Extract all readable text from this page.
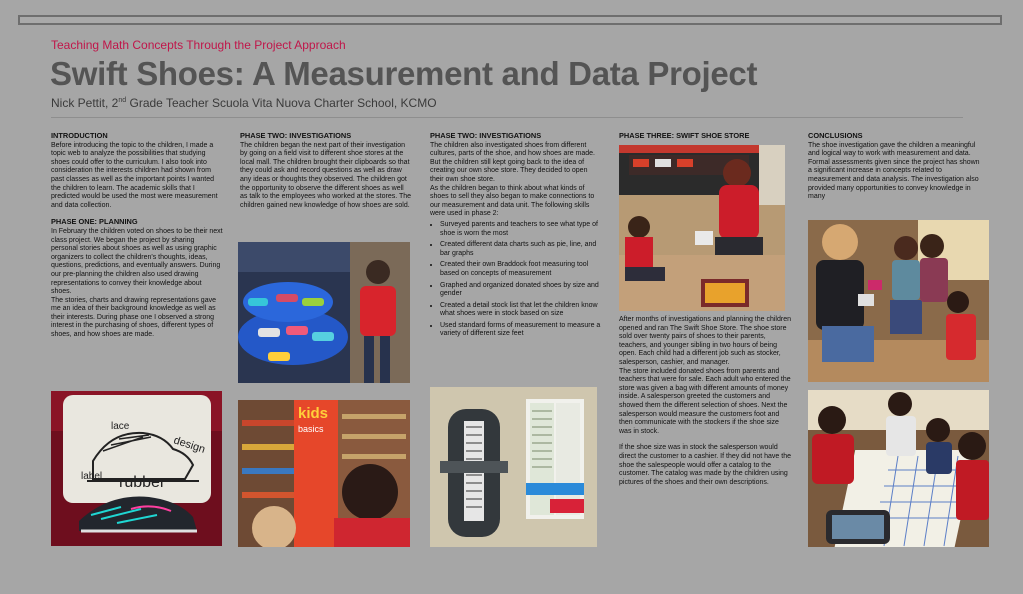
Teaching Math Concepts Through the Project Approach
Swift Shoes: A Measurement and Data Project
Nick Pettit, 2nd Grade Teacher Scuola Vita Nuova Charter School, KCMO
INTRODUCTION

Before introducing the topic to the children, I made a topic web to analyze the possibilities that studying shoes could offer to the curriculum. I also took into consideration the interests children had shown from past classes as well as the important points I wanted the children to learn. The academic skills that I predicted would be used the most were measurement and data collection.

PHASE ONE: PLANNING

In February the children voted on shoes to be their next class project. We began the project by sharing personal stories about shoes as well as using graphic organizers to collect the children's thoughts, ideas, questions, predictions, and eventually answers. During our pre-planning the children also used drawing representations to convey their knowledge about shoes.

The stories, charts and drawing representations gave me an idea of their background knowledge as well as their interests. During phase one I observed a strong interest in the purchasing of shoes, different types of shoes, and how shoes are made.

lace
design
label rubber
PHASE TWO: INVESTIGATIONS

The children began the next part of their investigation by going on a field visit to different shoe stores at the local mall. The children brought their clipboards so that they could ask and record questions as well as draw any ideas or thoughts they observed. The children got the opportunity to observe the different shoes as well as talk to the employees who worked at the stores. The children gained new knowledge of how shoes are sold.

kids
basics
PHASE TWO: INVESTIGATIONS

The children also investigated shoes from different cultures, parts of the shoe, and how shoes are made. But the children still kept going back to the idea of creating our own shoe store. They decided to open their own shoe store.

As the children began to think about what kinds of shoes to sell they also began to make connections to our measurement and data unit. The following skills were used in phase 2:

• Surveyed parents and teachers to see what type of shoe is worn the most
• Created different data charts such as pie, line, and bar graphs
• Created their own Braddock foot measuring tool based on concepts of measurement
• Graphed and organized donated shoes by size and gender
• Created a detail stock list that let the children know what shoes were in stock based on size
• Used standard forms of measurement to measure a variety of different size feet
PHASE THREE: SWIFT SHOE STORE

After months of investigations and planning the children opened and ran The Swift Shoe Store. The shoe store sold over twenty pairs of shoes to their parents, teachers, and younger sibling in two hours of being open. Each child had a different job such as stocker, salesperson, cashier, and manager.

The store included donated shoes from parents and teachers that were for sale. Each adult who entered the store was given a bag with different amounts of money inside. A salesperson greeted the customers and showed them the different selection of shoes. Next the salesperson would measure the customers foot and then communicate with the stockers if the shoe size was in stock.

If the shoe size was in stock the salesperson would direct the customer to a cashier. If they did not have the shoe the salespeople would offer a catalog to the customer. The catalog was made by the children using pictures of the shoes and their own descriptions.

CONCLUSIONS

The shoe investigation gave the children a meaningful and logical way to work with measurement and data. Formal assessments given since the project has shown a significant increase in concepts related to measurement and data analysis. The investigation also provided many opportunities to convey knowledge in many
